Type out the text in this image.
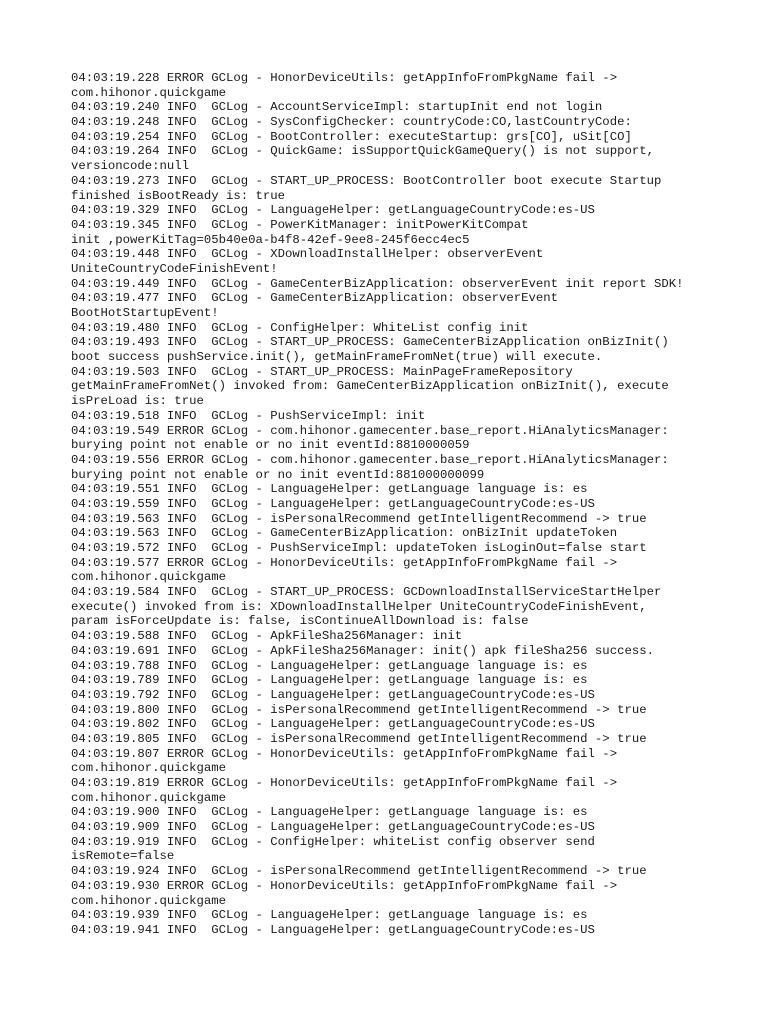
04:03:19.228 ERROR GCLog - HonorDeviceUtils: getAppInfoFromPkgName fail ->
com.hihonor.quickgame
04:03:19.240 INFO  GCLog - AccountServiceImpl: startupInit end not login
04:03:19.248 INFO  GCLog - SysConfigChecker: countryCode:CO,lastCountryCode:
04:03:19.254 INFO  GCLog - BootController: executeStartup: grs[CO], uSit[CO]
04:03:19.264 INFO  GCLog - QuickGame: isSupportQuickGameQuery() is not support,
versioncode:null
04:03:19.273 INFO  GCLog - START_UP_PROCESS: BootController boot execute Startup
finished isBootReady is: true
04:03:19.329 INFO  GCLog - LanguageHelper: getLanguageCountryCode:es-US
04:03:19.345 INFO  GCLog - PowerKitManager: initPowerKitCompat
init ,powerKitTag=05b40e0a-b4f8-42ef-9ee8-245f6ecc4ec5
04:03:19.448 INFO  GCLog - XDownloadInstallHelper: observerEvent
UniteCountryCodeFinishEvent!
04:03:19.449 INFO  GCLog - GameCenterBizApplication: observerEvent init report SDK!
04:03:19.477 INFO  GCLog - GameCenterBizApplication: observerEvent
BootHotStartupEvent!
04:03:19.480 INFO  GCLog - ConfigHelper: WhiteList config init
04:03:19.493 INFO  GCLog - START_UP_PROCESS: GameCenterBizApplication onBizInit()
boot success pushService.init(), getMainFrameFromNet(true) will execute.
04:03:19.503 INFO  GCLog - START_UP_PROCESS: MainPageFrameRepository
getMainFrameFromNet() invoked from: GameCenterBizApplication onBizInit(), execute
isPreLoad is: true
04:03:19.518 INFO  GCLog - PushServiceImpl: init
04:03:19.549 ERROR GCLog - com.hihonor.gamecenter.base_report.HiAnalyticsManager:
burying point not enable or no init eventId:8810000059
04:03:19.556 ERROR GCLog - com.hihonor.gamecenter.base_report.HiAnalyticsManager:
burying point not enable or no init eventId:881000000099
04:03:19.551 INFO  GCLog - LanguageHelper: getLanguage language is: es
04:03:19.559 INFO  GCLog - LanguageHelper: getLanguageCountryCode:es-US
04:03:19.563 INFO  GCLog - isPersonalRecommend getIntelligentRecommend -> true
04:03:19.563 INFO  GCLog - GameCenterBizApplication: onBizInit updateToken
04:03:19.572 INFO  GCLog - PushServiceImpl: updateToken isLoginOut=false start
04:03:19.577 ERROR GCLog - HonorDeviceUtils: getAppInfoFromPkgName fail ->
com.hihonor.quickgame
04:03:19.584 INFO  GCLog - START_UP_PROCESS: GCDownloadInstallServiceStartHelper
execute() invoked from is: XDownloadInstallHelper UniteCountryCodeFinishEvent,
param isForceUpdate is: false, isContinueAllDownload is: false
04:03:19.588 INFO  GCLog - ApkFileSha256Manager: init
04:03:19.691 INFO  GCLog - ApkFileSha256Manager: init() apk fileSha256 success.
04:03:19.788 INFO  GCLog - LanguageHelper: getLanguage language is: es
04:03:19.789 INFO  GCLog - LanguageHelper: getLanguage language is: es
04:03:19.792 INFO  GCLog - LanguageHelper: getLanguageCountryCode:es-US
04:03:19.800 INFO  GCLog - isPersonalRecommend getIntelligentRecommend -> true
04:03:19.802 INFO  GCLog - LanguageHelper: getLanguageCountryCode:es-US
04:03:19.805 INFO  GCLog - isPersonalRecommend getIntelligentRecommend -> true
04:03:19.807 ERROR GCLog - HonorDeviceUtils: getAppInfoFromPkgName fail ->
com.hihonor.quickgame
04:03:19.819 ERROR GCLog - HonorDeviceUtils: getAppInfoFromPkgName fail ->
com.hihonor.quickgame
04:03:19.900 INFO  GCLog - LanguageHelper: getLanguage language is: es
04:03:19.909 INFO  GCLog - LanguageHelper: getLanguageCountryCode:es-US
04:03:19.919 INFO  GCLog - ConfigHelper: whiteList config observer send
isRemote=false
04:03:19.924 INFO  GCLog - isPersonalRecommend getIntelligentRecommend -> true
04:03:19.930 ERROR GCLog - HonorDeviceUtils: getAppInfoFromPkgName fail ->
com.hihonor.quickgame
04:03:19.939 INFO  GCLog - LanguageHelper: getLanguage language is: es
04:03:19.941 INFO  GCLog - LanguageHelper: getLanguageCountryCode:es-US
